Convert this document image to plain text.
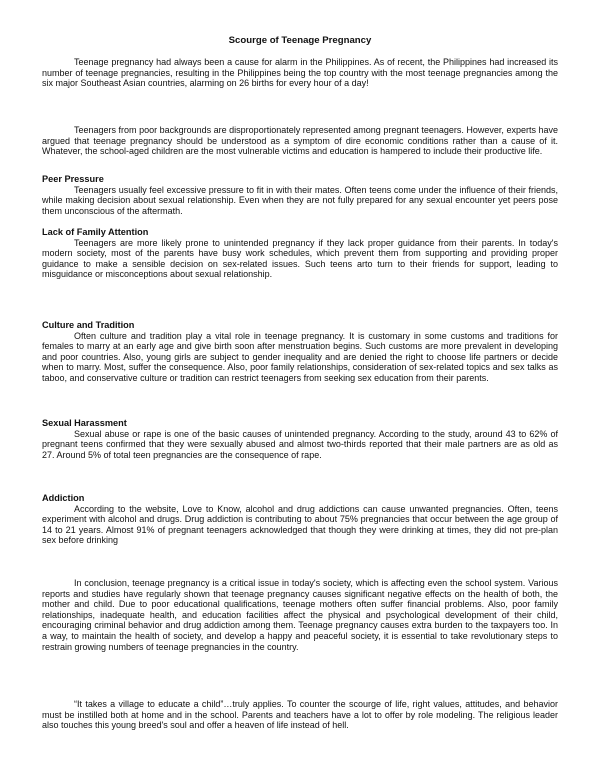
Scourge of Teenage Pregnancy

Teenage pregnancy had always been a cause for alarm in the Philippines. As of recent, the Philippines had increased its number of teenage pregnancies, resulting in the Philippines being the top country with the most teenage pregnancies among the six major Southeast Asian countries, alarming on 26 births for every hour of a day!

Teenagers from poor backgrounds are disproportionately represented among pregnant teenagers. However, experts have argued that teenage pregnancy should be understood as a symptom of dire economic conditions rather than a cause of it. Whatever, the school-aged children are the most vulnerable victims and education is hampered to include their productive life.

Peer Pressure

Teenagers usually feel excessive pressure to fit in with their mates. Often teens come under the influence of their friends, while making decision about sexual relationship. Even when they are not fully prepared for any sexual encounter yet peers pose them unconscious of the aftermath.

Lack of Family Attention

Teenagers are more likely prone to unintended pregnancy if they lack proper guidance from their parents. In today's modern society, most of the parents have busy work schedules, which prevent them from supporting and providing proper guidance to make a sensible decision on sex-related issues. Such teens arto turn to their friends for support, leading to misguidance or misconceptions about sexual relationship.

Culture and Tradition

Often culture and tradition play a vital role in teenage pregnancy. It is customary in some customs and traditions for females to marry at an early age and give birth soon after menstruation begins. Such customs are more prevalent in developing and poor countries. Also, young girls are subject to gender inequality and are denied the right to choose life partners or decide when to marry. Most, suffer the consequence. Also, poor family relationships, consideration of sex-related topics and sex talks as taboo, and conservative culture or tradition can restrict teenagers from seeking sex education from their parents.

Sexual Harassment

Sexual abuse or rape is one of the basic causes of unintended pregnancy. According to the study, around 43 to 62% of pregnant teens confirmed that they were sexually abused and almost two-thirds reported that their male partners are as old as 27. Around 5% of total teen pregnancies are the consequence of rape.

Addiction

According to the website, Love to Know, alcohol and drug addictions can cause unwanted pregnancies. Often, teens experiment with alcohol and drugs. Drug addiction is contributing to about 75% pregnancies that occur between the age group of 14 to 21 years. Almost 91% of pregnant teenagers acknowledged that though they were drinking at times, they did not pre-plan sex before drinking

In conclusion, teenage pregnancy is a critical issue in today's society, which is affecting even the school system. Various reports and studies have regularly shown that teenage pregnancy causes significant negative effects on the health of both, the mother and child. Due to poor educational qualifications, teenage mothers often suffer financial problems. Also, poor family relationships, inadequate health, and education facilities affect the physical and psychological development of their child, encouraging criminal behavior and drug addiction among them. Teenage pregnancy causes extra burden to the taxpayers too. In a way, to maintain the health of society, and develop a happy and peaceful society, it is essential to take revolutionary steps to restrain growing numbers of teenage pregnancies in the country.

“It takes a village to educate a child”…truly applies. To counter the scourge of life, right values, attitudes, and behavior must be instilled both at home and in the school. Parents and teachers have a lot to offer by role modeling. The religious leader also touches this young breed's soul and offer a heaven of life instead of hell.
